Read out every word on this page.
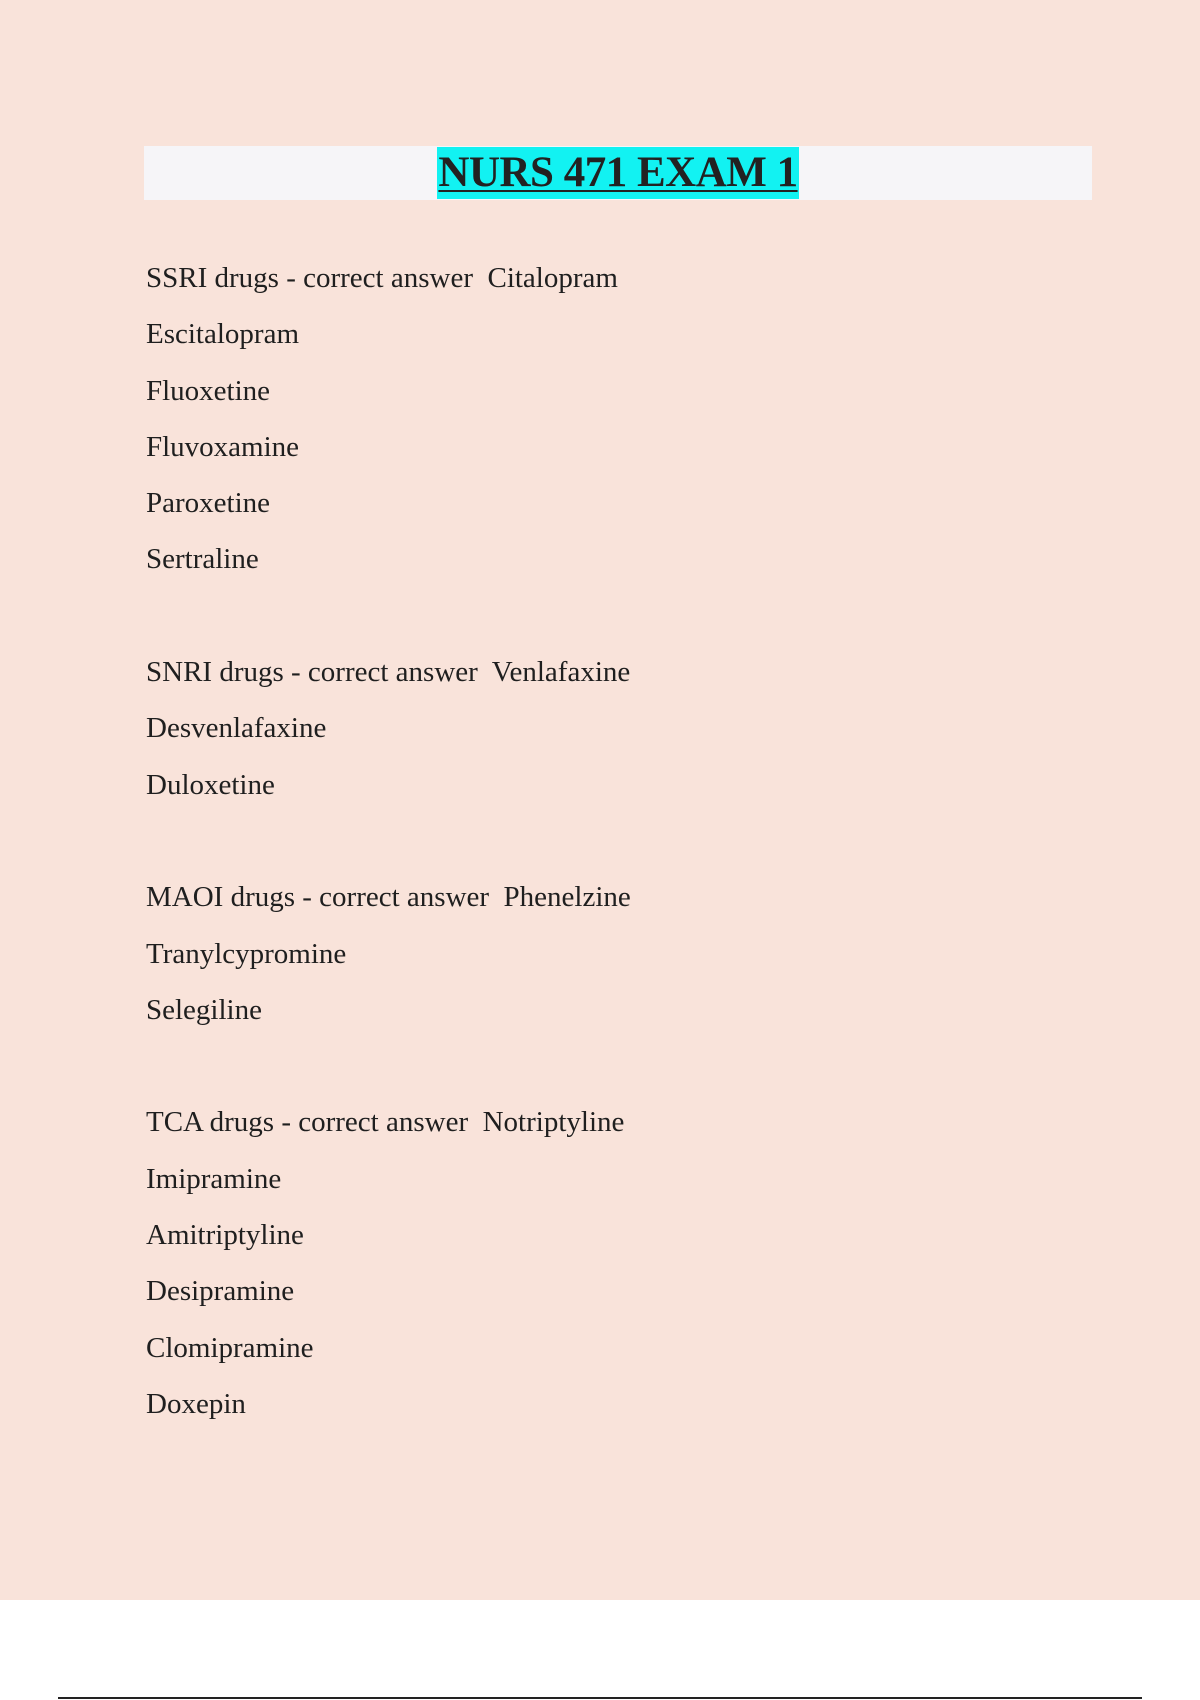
NURS 471 EXAM 1
SSRI drugs - correct answer  Citalopram
Escitalopram
Fluoxetine
Fluvoxamine
Paroxetine
Sertraline
SNRI drugs - correct answer  Venlafaxine
Desvenlafaxine
Duloxetine
MAOI drugs - correct answer  Phenelzine
Tranylcypromine
Selegiline
TCA drugs - correct answer  Notriptyline
Imipramine
Amitriptyline
Desipramine
Clomipramine
Doxepin
